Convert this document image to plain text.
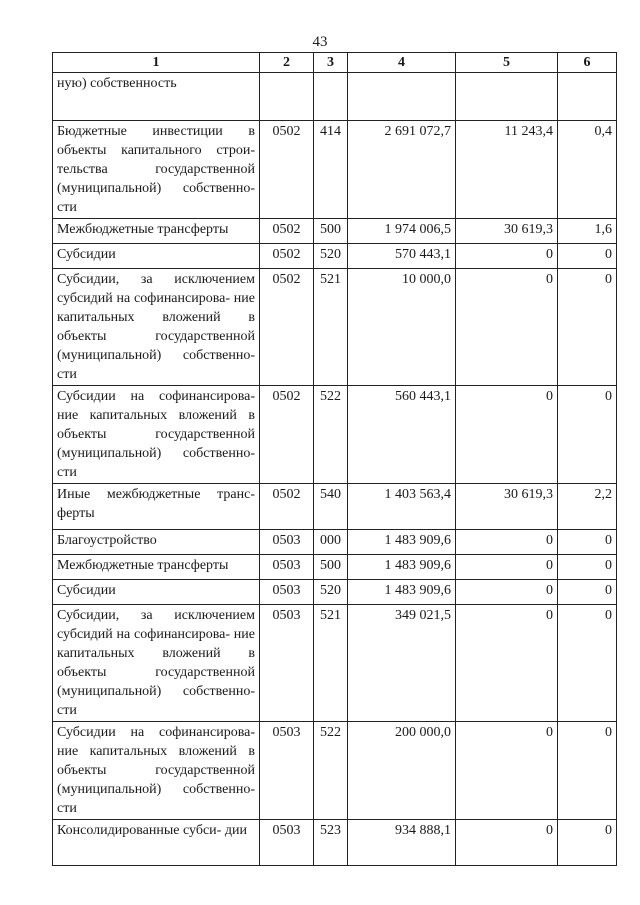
43
1	2	3	4	5	6
ную) собственность					
Бюджетные инвестиции в объекты капитального строи- тельства государственной (муниципальной) собственно- сти	0502	414	2 691 072,7	11 243,4	0,4
Межбюджетные трансферты	0502	500	1 974 006,5	30 619,3	1,6
Субсидии	0502	520	570 443,1	0	0
Субсидии, за исключением субсидий на софинансирова- ние капитальных вложений в объекты государственной (муниципальной) собственно- сти	0502	521	10 000,0	0	0
Субсидии на софинансирова- ние капитальных вложений в объекты государственной (муниципальной) собственно- сти	0502	522	560 443,1	0	0
Иные межбюджетные транс- ферты	0502	540	1 403 563,4	30 619,3	2,2
Благоустройство	0503	000	1 483 909,6	0	0
Межбюджетные трансферты	0503	500	1 483 909,6	0	0
Субсидии	0503	520	1 483 909,6	0	0
Субсидии, за исключением субсидий на софинансирова- ние капитальных вложений в объекты государственной (муниципальной) собственно- сти	0503	521	349 021,5	0	0
Субсидии на софинансирова- ние капитальных вложений в объекты государственной (муниципальной) собственно- сти	0503	522	200 000,0	0	0
Консолидированные субси- дии	0503	523	934 888,1	0	0
